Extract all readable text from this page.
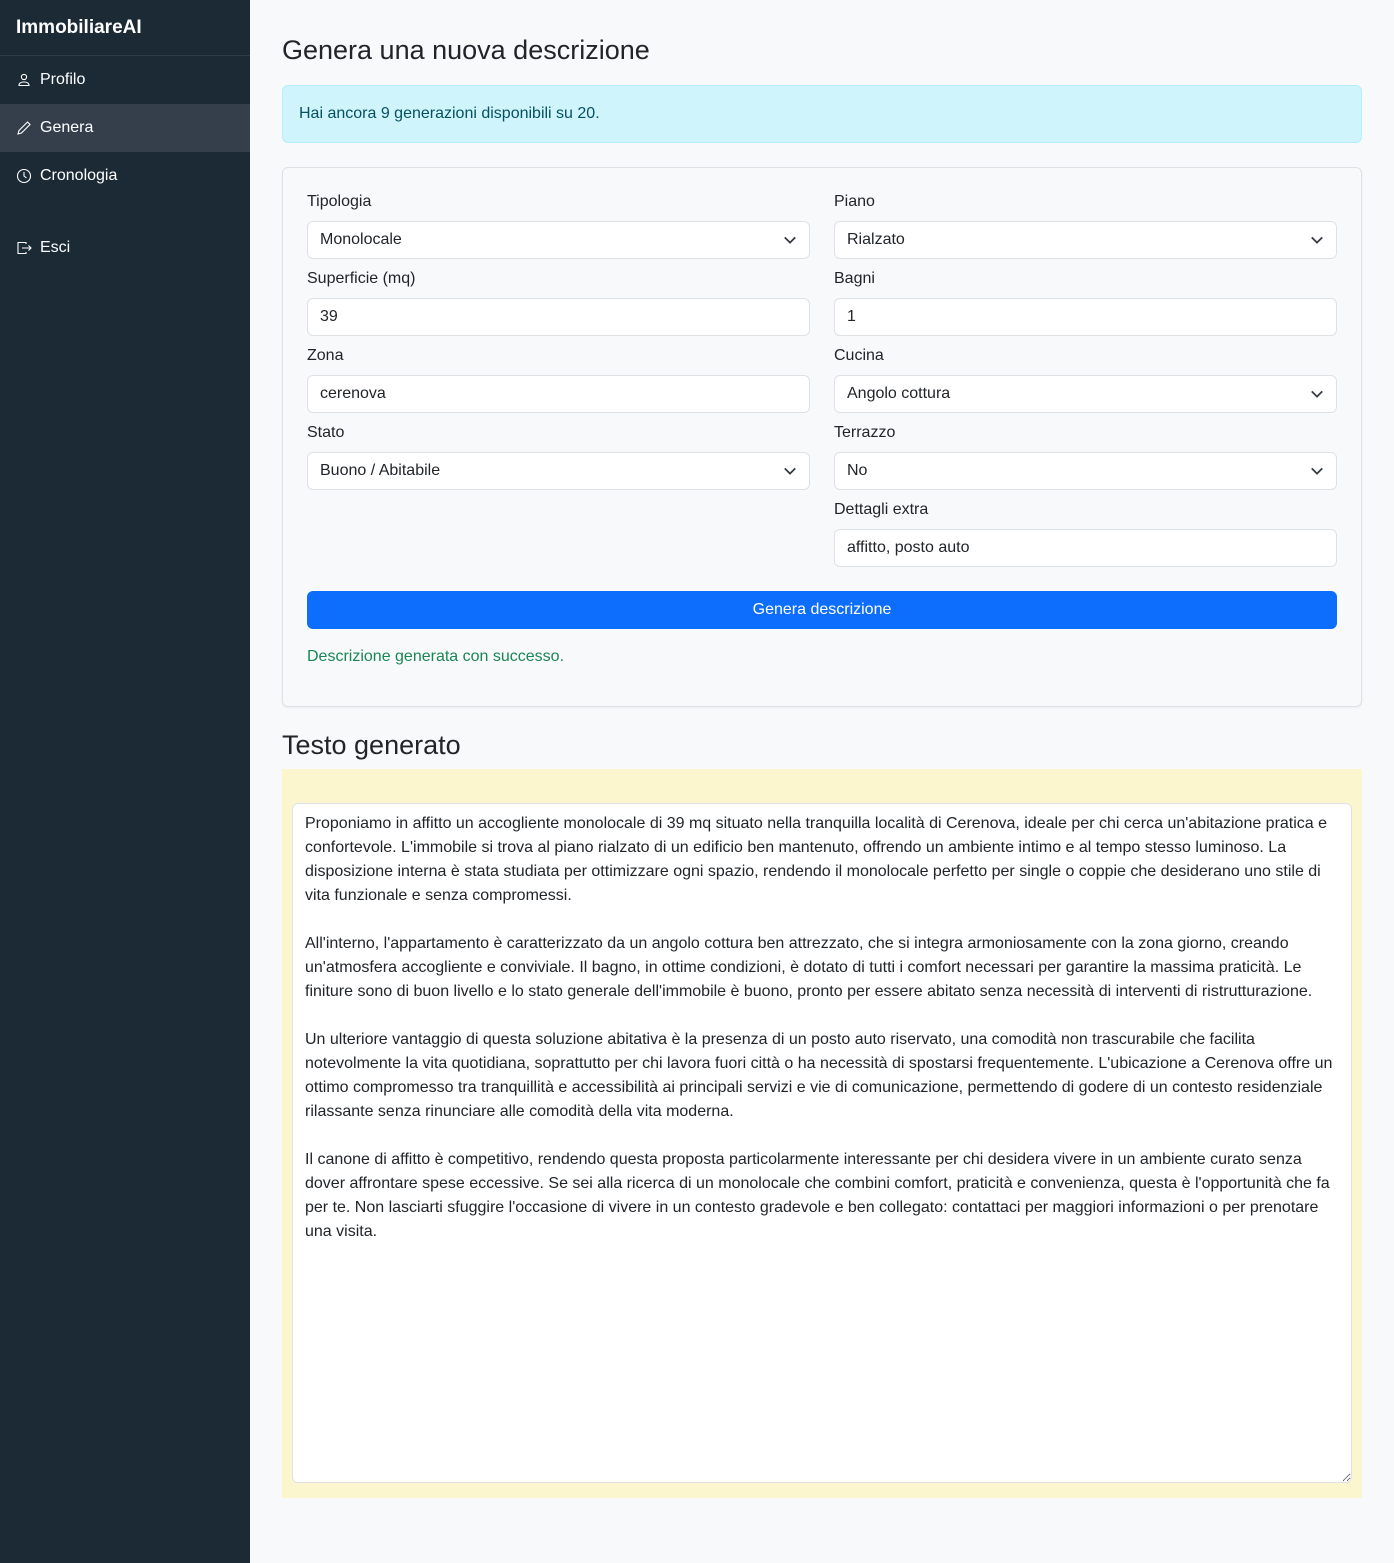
ImmobiliareAI
Profilo
Genera
Cronologia
Esci
Genera una nuova descrizione
Hai ancora 9 generazioni disponibili su 20.
Tipologia
Monolocale
Piano
Rialzato
Superficie (mq)
39
Bagni
1
Zona
cerenova
Cucina
Angolo cottura
Stato
Buono / Abitabile
Terrazzo
No
Dettagli extra
affitto, posto auto
Genera descrizione
Descrizione generata con successo.
Testo generato
Proponiamo in affitto un accogliente monolocale di 39 mq situato nella tranquilla località di Cerenova, ideale per chi cerca un'abitazione pratica e confortevole. L'immobile si trova al piano rialzato di un edificio ben mantenuto, offrendo un ambiente intimo e al tempo stesso luminoso. La disposizione interna è stata studiata per ottimizzare ogni spazio, rendendo il monolocale perfetto per single o coppie che desiderano uno stile di vita funzionale e senza compromessi. All'interno, l'appartamento è caratterizzato da un angolo cottura ben attrezzato, che si integra armoniosamente con la zona giorno, creando un'atmosfera accogliente e conviviale. Il bagno, in ottime condizioni, è dotato di tutti i comfort necessari per garantire la massima praticità. Le finiture sono di buon livello e lo stato generale dell'immobile è buono, pronto per essere abitato senza necessità di interventi di ristrutturazione. Un ulteriore vantaggio di questa soluzione abitativa è la presenza di un posto auto riservato, una comodità non trascurabile che facilita notevolmente la vita quotidiana, soprattutto per chi lavora fuori città o ha necessità di spostarsi frequentemente. L'ubicazione a Cerenova offre un ottimo compromesso tra tranquillità e accessibilità ai principali servizi e vie di comunicazione, permettendo di godere di un contesto residenziale rilassante senza rinunciare alle comodità della vita moderna. Il canone di affitto è competitivo, rendendo questa proposta particolarmente interessante per chi desidera vivere in un ambiente curato senza dover affrontare spese eccessive. Se sei alla ricerca di un monolocale che combini comfort, praticità e convenienza, questa è l'opportunità che fa per te. Non lasciarti sfuggire l'occasione di vivere in un contesto gradevole e ben collegato: contattaci per maggiori informazioni o per prenotare una visita.
